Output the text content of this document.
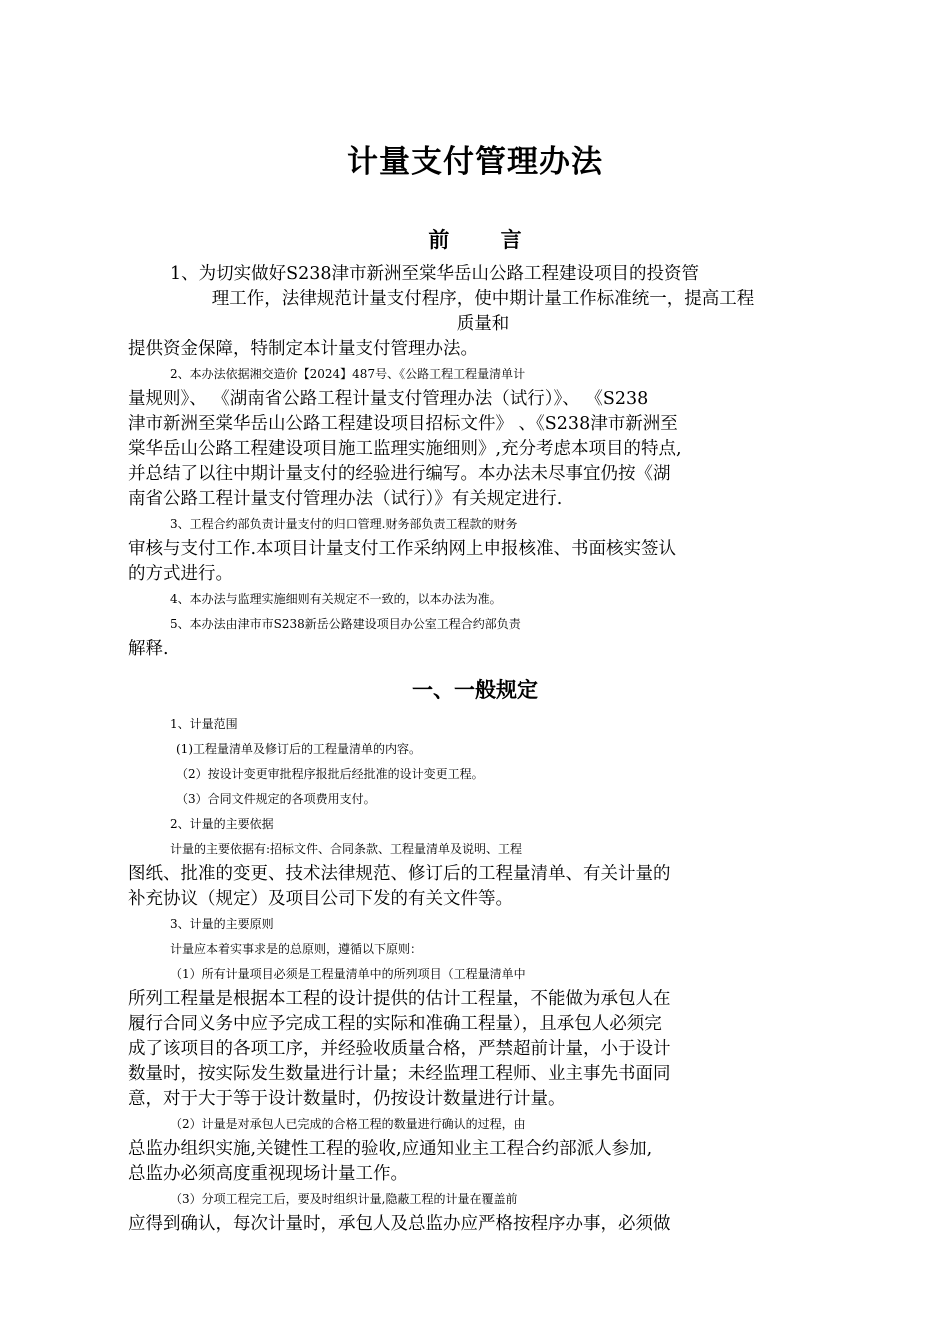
计量支付管理办法
前 言
1、为切实做好S238津市新洲至棠华岳山公路工程建设项目的投资管
理工作，法律规范计量支付程序，使中期计量工作标准统一，提高工程
质量和
提供资金保障，特制定本计量支付管理办法。
2、本办法依据湘交造价【2024】487号、《公路工程工程量清单计
量规则》、 《湖南省公路工程计量支付管理办法（试行）》、 《S238
津市新洲至棠华岳山公路工程建设项目招标文件》 、《S238津市新洲至
棠华岳山公路工程建设项目施工监理实施细则》,充分考虑本项目的特点,
并总结了以往中期计量支付的经验进行编写。本办法未尽事宜仍按《湖
南省公路工程计量支付管理办法（试行）》有关规定进行.
3、工程合约部负责计量支付的归口管理.财务部负责工程款的财务
审核与支付工作.本项目计量支付工作采纳网上申报核准、书面核实签认
的方式进行。
4、本办法与监理实施细则有关规定不一致的，以本办法为准。
5、本办法由津市市S238新岳公路建设项目办公室工程合约部负责
解释.
一、一般规定
1、计量范围
(1)工程量清单及修订后的工程量清单的内容。
（2）按设计变更审批程序报批后经批准的设计变更工程。
（3）合同文件规定的各项费用支付。
2、计量的主要依据
计量的主要依据有:招标文件、合同条款、工程量清单及说明、工程
图纸、批准的变更、技术法律规范、修订后的工程量清单、有关计量的
补充协议（规定）及项目公司下发的有关文件等。
3、计量的主要原则
计量应本着实事求是的总原则，遵循以下原则：
（1）所有计量项目必须是工程量清单中的所列项目（工程量清单中
所列工程量是根据本工程的设计提供的估计工程量，不能做为承包人在
履行合同义务中应予完成工程的实际和准确工程量），且承包人必须完
成了该项目的各项工序，并经验收质量合格，严禁超前计量，小于设计
数量时，按实际发生数量进行计量；未经监理工程师、业主事先书面同
意，对于大于等于设计数量时，仍按设计数量进行计量。
（2）计量是对承包人已完成的合格工程的数量进行确认的过程，由
总监办组织实施,关键性工程的验收,应通知业主工程合约部派人参加,
总监办必须高度重视现场计量工作。
（3）分项工程完工后，要及时组织计量,隐蔽工程的计量在覆盖前
应得到确认，每次计量时，承包人及总监办应严格按程序办事，必须做
